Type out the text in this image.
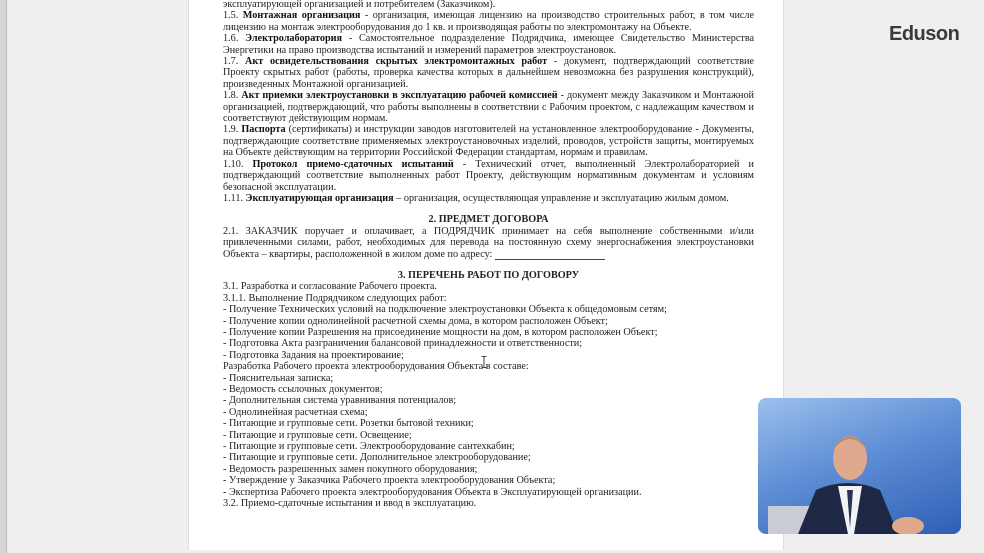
эксплуатирующей организацией и потребителем (Заказчиком).

1.5. Монтажная организация - организация, имеющая лицензию на производство строительных работ, в том числе лицензию на монтаж электрооборудования до 1 кв. и производящая работы по электромонтажу на Объекте.

1.6. Электролаборатория - Самостоятельное подразделение Подрядчика, имеющее Свидетельство Министерства Энергетики на право производства испытаний и измерений параметров электроустановок.

1.7. Акт освидетельствования скрытых электромонтажных работ - документ, подтверждающий соответствие Проекту скрытых работ (работы, проверка качества которых в дальнейшем невозможна без разрушения конструкций), произведенных Монтажной организацией.

1.8. Акт приемки электроустановки в эксплуатацию рабочей комиссией - документ между Заказчиком и Монтажной организацией, подтверждающий, что работы выполнены в соответствии с Рабочим проектом, с надлежащим качеством и соответствуют действующим нормам.

1.9. Паспорта (сертификаты) и инструкции заводов изготовителей на установленное электрооборудование - Документы, подтверждающие соответствие применяемых электроустановочных изделий, проводов, устройств защиты, монтируемых на Объекте действующим на территории Российской Федерации стандартам, нормам и правилам.

1.10. Протокол приемо-сдаточных испытаний - Технический отчет, выполненный Электролабораторией и подтверждающий соответствие выполненных работ Проекту, действующим нормативным документам и условиям безопасной эксплуатации.

1.11. Эксплуатирующая организация – организация, осуществляющая управление и эксплуатацию жилым домом.

2. ПРЕДМЕТ ДОГОВОРА

2.1. ЗАКАЗЧИК поручает и оплачивает, а ПОДРЯДЧИК принимает на себя выполнение собственными и/или привлеченными силами, работ, необходимых для перевода на постоянную схему энергоснабжения электроустановки Объекта – квартиры, расположенной в жилом доме по адресу:

3. ПЕРЕЧЕНЬ РАБОТ ПО ДОГОВОРУ

3.1. Разработка и согласование Рабочего проекта.

3.1.1. Выполнение Подрядчиком следующих работ:

- Получение Технических условий на подключение электроустановки Объекта к общедомовым сетям;

- Получение копии однолинейной расчетной схемы дома, в котором расположен Объект;

- Получение копии Разрешения на присоединение мощности на дом, в котором расположен Объект;

- Подготовка Акта разграничения балансовой принадлежности и ответственности;

- Подготовка Задания на проектирование;

Разработка Рабочего проекта электрооборудования Объекта в составе:

- Пояснительная записка;

- Ведомость ссылочных документов;

- Дополнительная система уравнивания потенциалов;

- Однолинейная расчетная схема;

- Питающие и групповые сети. Розетки бытовой техники;

- Питающие и групповые сети. Освещение;

- Питающие и групповые сети. Электрооборудование сантехкабин;

- Питающие и групповые сети. Дополнительное электрооборудование;

- Ведомость разрешенных замен покупного оборудования;

- Утверждение у Заказчика Рабочего проекта электрооборудования Объекта;

- Экспертиза Рабочего проекта электрооборудования Объекта в Эксплуатирующей организации.

3.2. Приемо-сдаточные испытания и ввод в эксплуатацию.

Eduson
